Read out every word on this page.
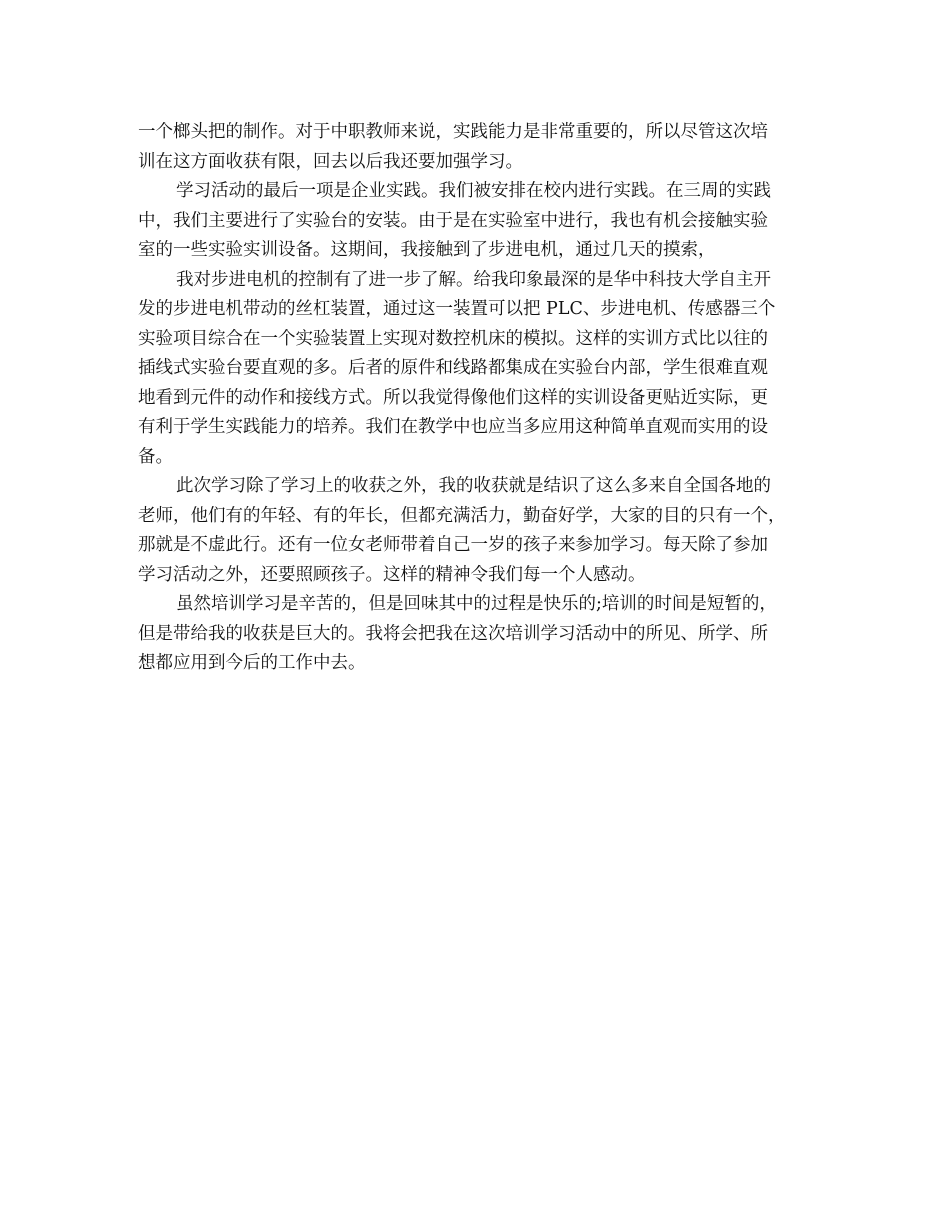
一个榔头把的制作。对于中职教师来说，实践能力是非常重要的，所以尽管这次培
训在这方面收获有限，回去以后我还要加强学习。
学习活动的最后一项是企业实践。我们被安排在校内进行实践。在三周的实践
中，我们主要进行了实验台的安装。由于是在实验室中进行，我也有机会接触实验
室的一些实验实训设备。这期间，我接触到了步进电机，通过几天的摸索，
我对步进电机的控制有了进一步了解。给我印象最深的是华中科技大学自主开
发的步进电机带动的丝杠装置，通过这一装置可以把 PLC、步进电机、传感器三个
实验项目综合在一个实验装置上实现对数控机床的模拟。这样的实训方式比以往的
插线式实验台要直观的多。后者的原件和线路都集成在实验台内部，学生很难直观
地看到元件的动作和接线方式。所以我觉得像他们这样的实训设备更贴近实际，更
有利于学生实践能力的培养。我们在教学中也应当多应用这种简单直观而实用的设
备。
此次学习除了学习上的收获之外，我的收获就是结识了这么多来自全国各地的
老师，他们有的年轻、有的年长，但都充满活力，勤奋好学，大家的目的只有一个，
那就是不虚此行。还有一位女老师带着自己一岁的孩子来参加学习。每天除了参加
学习活动之外，还要照顾孩子。这样的精神令我们每一个人感动。
虽然培训学习是辛苦的，但是回味其中的过程是快乐的;培训的时间是短暂的，
但是带给我的收获是巨大的。我将会把我在这次培训学习活动中的所见、所学、所
想都应用到今后的工作中去。
